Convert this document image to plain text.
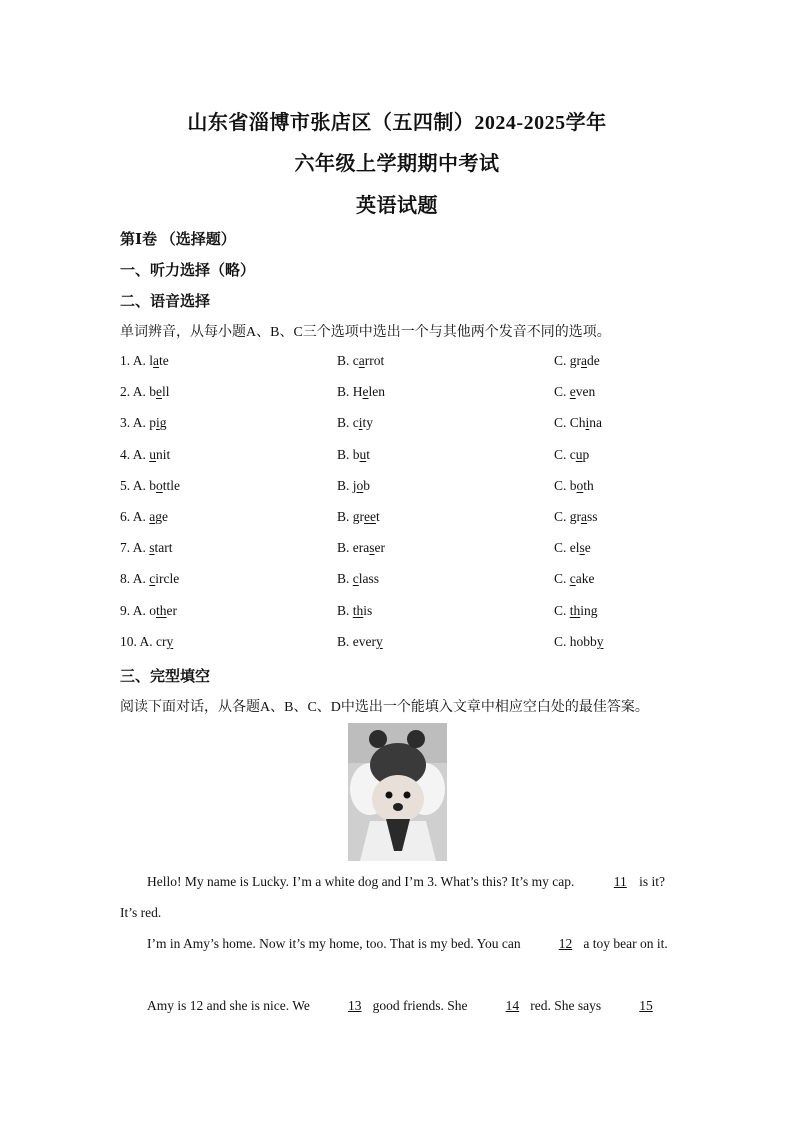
山东省淄博市张店区（五四制）2024-2025学年
六年级上学期期中考试
英语试题
第Ⅰ卷 （选择题）
一、听力选择（略）
二、语音选择
单词辨音，从每小题A、B、C三个选项中选出一个与其他两个发音不同的选项。
1. A. late	B. carrot	C. grade
2. A. bell	B. Helen	C. even
3. A. pig	B. city	C. China
4. A. unit	B. but	C. cup
5. A. bottle	B. job	C. both
6. A. age	B. greet	C. grass
7. A. start	B. eraser	C. else
8. A. circle	B. class	C. cake
9. A. other	B. this	C. thing
10. A. cry	B. every	C. hobby
三、完型填空
阅读下面对话，从各题A、B、C、D中选出一个能填入文章中相应空白处的最佳答案。
Hello! My name is Lucky. I’m a white dog and I’m 3. What’s this? It’s my cap.	11 is it? It’s red.
I’m in Amy’s home. Now it’s my home, too. That is my bed. You can	12 a toy bear on it.
Amy is 12 and she is nice. We	13 good friends. She	14 red. She says	15
